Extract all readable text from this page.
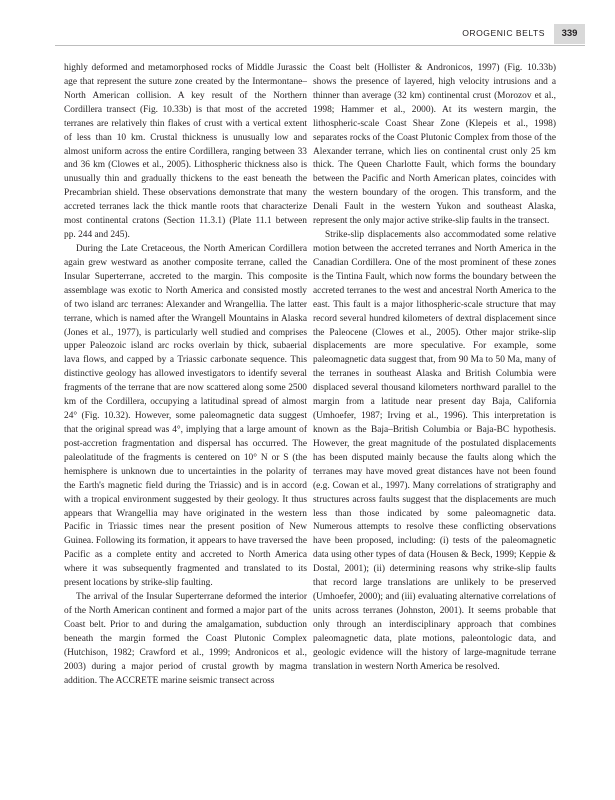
OROGENIC BELTS	339

highly deformed and metamorphosed rocks of Middle Jurassic age that represent the suture zone created by the Intermontane–North American collision. A key result of the Northern Cordillera transect (Fig. 10.33b) is that most of the accreted terranes are relatively thin flakes of crust with a vertical extent of less than 10 km. Crustal thickness is unusually low and almost uniform across the entire Cordillera, ranging between 33 and 36 km (Clowes et al., 2005). Lithospheric thickness also is unusually thin and gradually thickens to the east beneath the Precambrian shield. These observations demonstrate that many accreted terranes lack the thick mantle roots that characterize most continental cratons (Section 11.3.1) (Plate 11.1 between pp. 244 and 245).

During the Late Cretaceous, the North American Cordillera again grew westward as another composite terrane, called the Insular Superterrane, accreted to the margin. This composite assemblage was exotic to North America and consisted mostly of two island arc terranes: Alexander and Wrangellia. The latter terrane, which is named after the Wrangell Mountains in Alaska (Jones et al., 1977), is particularly well studied and comprises upper Paleozoic island arc rocks overlain by thick, subaerial lava flows, and capped by a Triassic carbonate sequence. This distinctive geology has allowed investigators to identify several fragments of the terrane that are now scattered along some 2500 km of the Cordillera, occupying a latitudinal spread of almost 24° (Fig. 10.32). However, some paleomagnetic data suggest that the original spread was 4°, implying that a large amount of post-accretion fragmentation and dispersal has occurred. The paleolatitude of the fragments is centered on 10° N or S (the hemisphere is unknown due to uncertainties in the polarity of the Earth's magnetic field during the Triassic) and is in accord with a tropical environment suggested by their geology. It thus appears that Wrangellia may have originated in the western Pacific in Triassic times near the present position of New Guinea. Following its formation, it appears to have traversed the Pacific as a complete entity and accreted to North America where it was subsequently fragmented and translated to its present locations by strike-slip faulting.

The arrival of the Insular Superterrane deformed the interior of the North American continent and formed a major part of the Coast belt. Prior to and during the amalgamation, subduction beneath the margin formed the Coast Plutonic Complex (Hutchison, 1982; Crawford et al., 1999; Andronicos et al., 2003) during a major period of crustal growth by magma addition. The ACCRETE marine seismic transect across

the Coast belt (Hollister & Andronicos, 1997) (Fig. 10.33b) shows the presence of layered, high velocity intrusions and a thinner than average (32 km) continental crust (Morozov et al., 1998; Hammer et al., 2000). At its western margin, the lithospheric-scale Coast Shear Zone (Klepeis et al., 1998) separates rocks of the Coast Plutonic Complex from those of the Alexander terrane, which lies on continental crust only 25 km thick. The Queen Charlotte Fault, which forms the boundary between the Pacific and North American plates, coincides with the western boundary of the orogen. This transform, and the Denali Fault in the western Yukon and southeast Alaska, represent the only major active strike-slip faults in the transect.

Strike-slip displacements also accommodated some relative motion between the accreted terranes and North America in the Canadian Cordillera. One of the most prominent of these zones is the Tintina Fault, which now forms the boundary between the accreted terranes to the west and ancestral North America to the east. This fault is a major lithospheric-scale structure that may record several hundred kilometers of dextral displacement since the Paleocene (Clowes et al., 2005). Other major strike-slip displacements are more speculative. For example, some paleomagnetic data suggest that, from 90 Ma to 50 Ma, many of the terranes in southeast Alaska and British Columbia were displaced several thousand kilometers northward parallel to the margin from a latitude near present day Baja, California (Umhoefer, 1987; Irving et al., 1996). This interpretation is known as the Baja–British Columbia or Baja-BC hypothesis. However, the great magnitude of the postulated displacements has been disputed mainly because the faults along which the terranes may have moved great distances have not been found (e.g. Cowan et al., 1997). Many correlations of stratigraphy and structures across faults suggest that the displacements are much less than those indicated by some paleomagnetic data. Numerous attempts to resolve these conflicting observations have been proposed, including: (i) tests of the paleomagnetic data using other types of data (Housen & Beck, 1999; Keppie & Dostal, 2001); (ii) determining reasons why strike-slip faults that record large translations are unlikely to be preserved (Umhoefer, 2000); and (iii) evaluating alternative correlations of units across terranes (Johnston, 2001). It seems probable that only through an interdisciplinary approach that combines paleomagnetic data, plate motions, paleontologic data, and geologic evidence will the history of large-magnitude terrane translation in western North America be resolved.
